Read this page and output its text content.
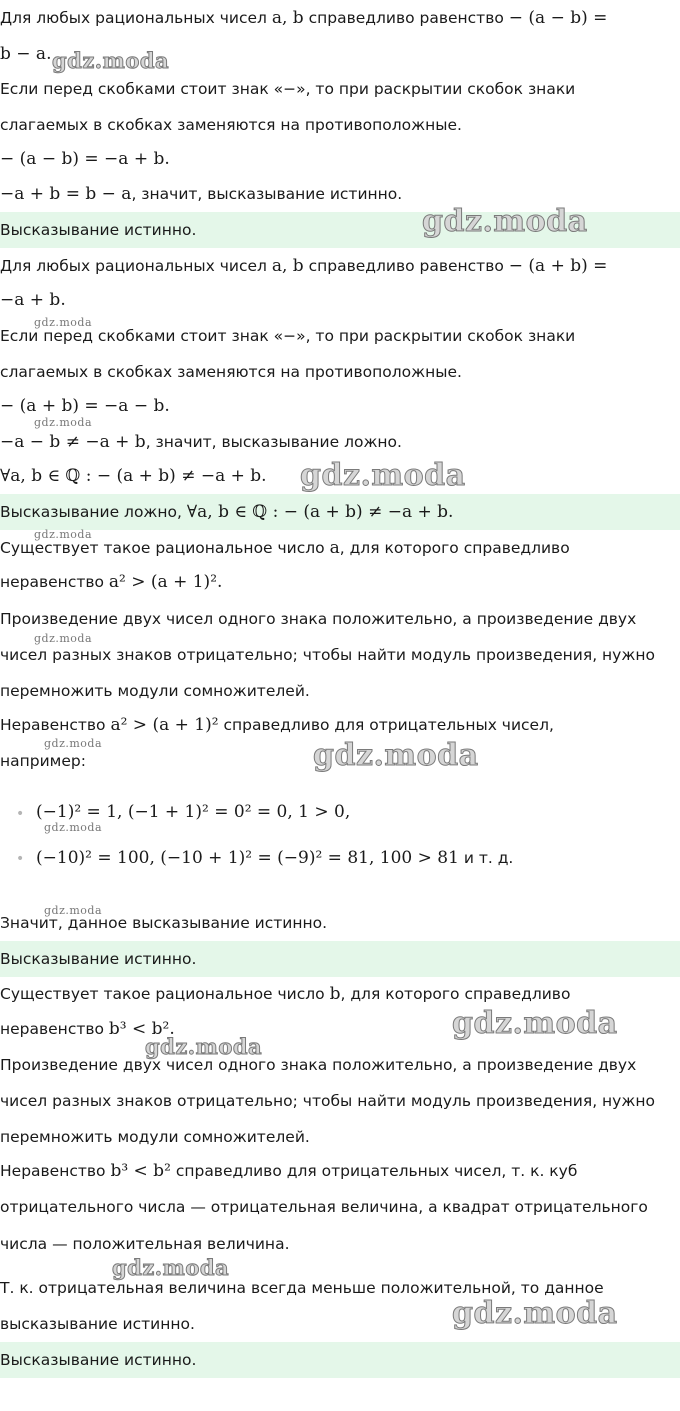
Для любых рациональных чисел a, b справедливо равенство − (a − b) =
b − a.
Если перед скобками стоит знак «−», то при раскрытии скобок знаки
слагаемых в скобках заменяются на противоположные.
− (a − b) = −a + b.
−a + b = b − a, значит, высказывание истинно.
Высказывание истинно.
Для любых рациональных чисел a, b справедливо равенство − (a + b) =
−a + b.
Если перед скобками стоит знак «−», то при раскрытии скобок знаки
слагаемых в скобках заменяются на противоположные.
− (a + b) = −a − b.
−a − b ≠ −a + b, значит, высказывание ложно.
∀a, b ∈ ℚ : − (a + b) ≠ −a + b.
Высказывание ложно, ∀a, b ∈ ℚ : − (a + b) ≠ −a + b.
Существует такое рациональное число a, для которого справедливо
неравенство a² > (a + 1)².
Произведение двух чисел одного знака положительно, а произведение двух
чисел разных знаков отрицательно; чтобы найти модуль произведения, нужно
перемножить модули сомножителей.
Неравенство a² > (a + 1)² справедливо для отрицательных чисел,
например:
• (−1)² = 1, (−1 + 1)² = 0² = 0, 1 > 0,
• (−10)² = 100, (−10 + 1)² = (−9)² = 81, 100 > 81 и т. д.
Значит, данное высказывание истинно.
Высказывание истинно.
Существует такое рациональное число b, для которого справедливо
неравенство b³ < b².
Произведение двух чисел одного знака положительно, а произведение двух
чисел разных знаков отрицательно; чтобы найти модуль произведения, нужно
перемножить модули сомножителей.
Неравенство b³ < b² справедливо для отрицательных чисел, т. к. куб
отрицательного числа — отрицательная величина, а квадрат отрицательного
числа — положительная величина.
Т. к. отрицательная величина всегда меньше положительной, то данное
высказывание истинно.
Высказывание истинно.
gdz.moda
gdz.moda
gdz.moda
gdz.moda
gdz.moda
gdz.moda
gdz.moda
gdz.moda	gdz.moda
gdz.moda
gdz.moda
gdz.moda
gdz.moda
gdz.moda
gdz.moda
